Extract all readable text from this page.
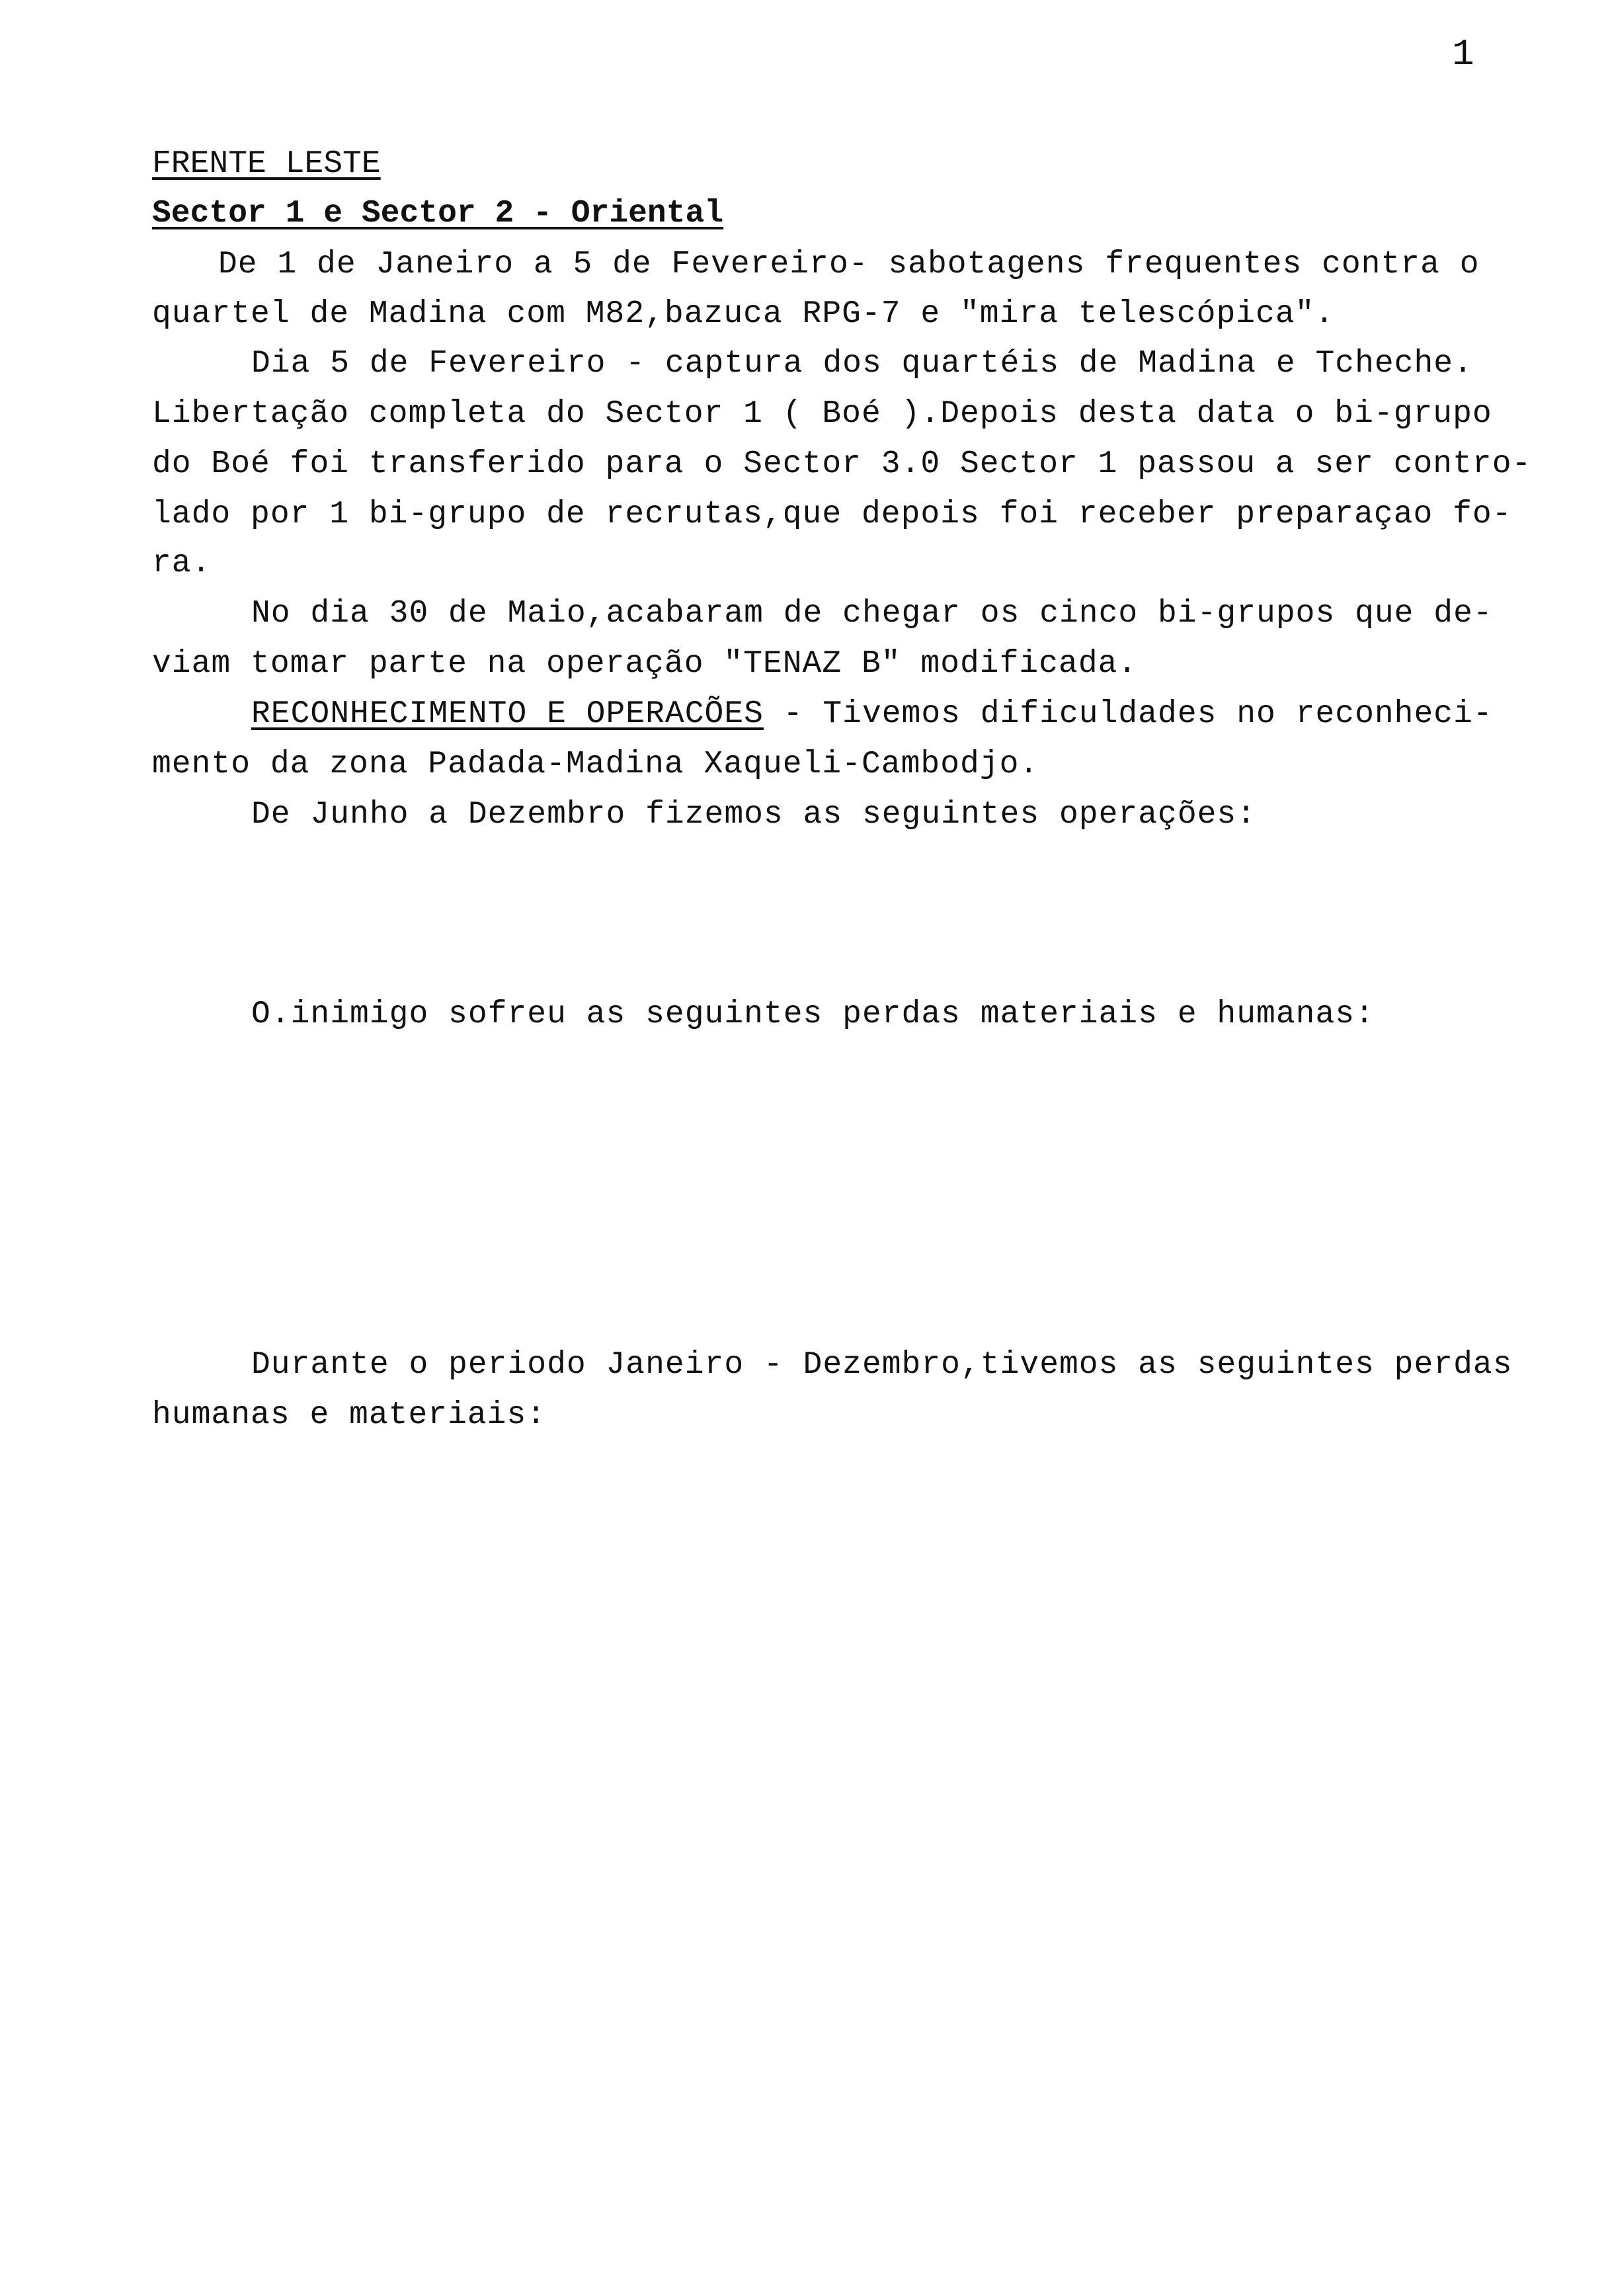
1
FRENTE LESTE
Sector 1 e Sector 2 - Oriental
De 1 de Janeiro a 5 de Fevereiro- sabotagens frequentes contra o
quartel de Madina com M82,bazuca RPG-7 e "mira telescópica".
Dia 5 de Fevereiro - captura dos quartéis de Madina e Tcheche.
Libertação completa do Sector 1 ( Boé ).Depois desta data o bi-grupo
do Boé foi transferido para o Sector 3.0 Sector 1 passou a ser contro-
lado por 1 bi-grupo de recrutas,que depois foi receber preparaçao fo-
ra.
No dia 30 de Maio,acabaram de chegar os cinco bi-grupos que de-
viam tomar parte na operação "TENAZ B" modificada.
RECONHECIMENTO E OPERACÕES - Tivemos dificuldades no reconheci-
mento da zona Padada-Madina Xaqueli-Cambodjo.
De Junho a Dezembro fizemos as seguintes operações:
O.inimigo sofreu as seguintes perdas materiais e humanas:
Durante o periodo Janeiro - Dezembro,tivemos as seguintes perdas
humanas e materiais:
